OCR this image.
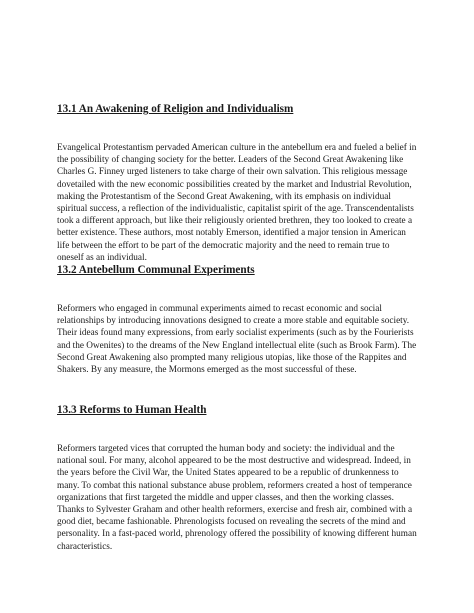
13.1 An Awakening of Religion and Individualism

Evangelical Protestantism pervaded American culture in the antebellum era and fueled a belief in
the possibility of changing society for the better. Leaders of the Second Great Awakening like
Charles G. Finney urged listeners to take charge of their own salvation. This religious message
dovetailed with the new economic possibilities created by the market and Industrial Revolution,
making the Protestantism of the Second Great Awakening, with its emphasis on individual
spiritual success, a reflection of the individualistic, capitalist spirit of the age. Transcendentalists
took a different approach, but like their religiously oriented brethren, they too looked to create a
better existence. These authors, most notably Emerson, identified a major tension in American
life between the effort to be part of the democratic majority and the need to remain true to
oneself as an individual.

13.2 Antebellum Communal Experiments

Reformers who engaged in communal experiments aimed to recast economic and social
relationships by introducing innovations designed to create a more stable and equitable society.
Their ideas found many expressions, from early socialist experiments (such as by the Fourierists
and the Owenites) to the dreams of the New England intellectual elite (such as Brook Farm). The
Second Great Awakening also prompted many religious utopias, like those of the Rappites and
Shakers. By any measure, the Mormons emerged as the most successful of these.

13.3 Reforms to Human Health

Reformers targeted vices that corrupted the human body and society: the individual and the
national soul. For many, alcohol appeared to be the most destructive and widespread. Indeed, in
the years before the Civil War, the United States appeared to be a republic of drunkenness to
many. To combat this national substance abuse problem, reformers created a host of temperance
organizations that first targeted the middle and upper classes, and then the working classes.
Thanks to Sylvester Graham and other health reformers, exercise and fresh air, combined with a
good diet, became fashionable. Phrenologists focused on revealing the secrets of the mind and
personality. In a fast-paced world, phrenology offered the possibility of knowing different human
characteristics.
